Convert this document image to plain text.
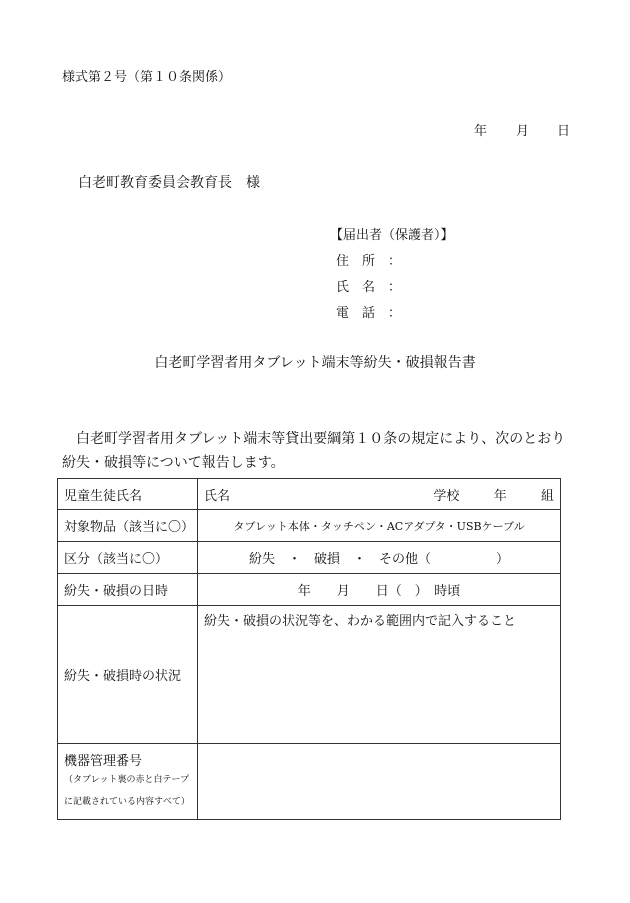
様式第２号（第１０条関係）
年 月 日
白老町教育委員会教育長　様
【届出者（保護者）】
住　所　：
氏　名　：
電　話　：
白老町学習者用タブレット端末等紛失・破損報告書
白老町学習者用タブレット端末等貸出要綱第１０条の規定により、次のとおり紛失・破損等について報告します。
児童生徒氏名	氏名 学校 年 組

対象物品（該当に〇）	タブレット本体・タッチペン・ACアダプタ・USBケーブル
区分（該当に〇）	紛失　・　破損　・　その他（　　　　　）
紛失・破損の日時	年　　月　　日（　）　時頃
紛失・破損時の状況	紛失・破損の状況等を、わかる範囲内で記入すること
機器管理番号
（タブレット裏の赤と白テープ
に記載されている内容すべて）	
